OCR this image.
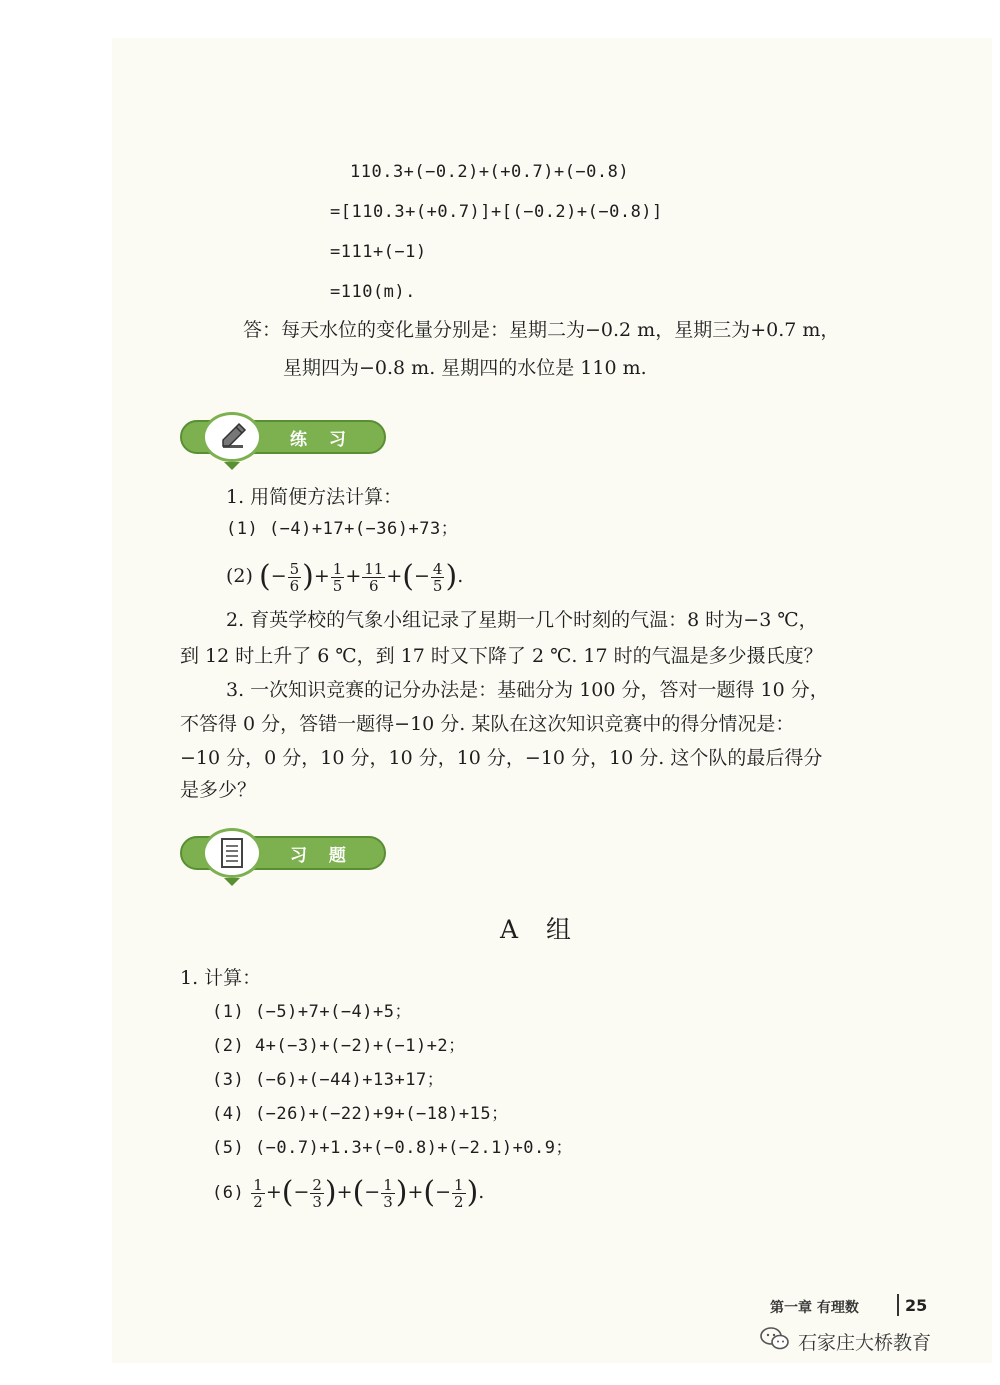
110.3+(−0.2)+(+0.7)+(−0.8)
=[110.3+(+0.7)]+[(−0.2)+(−0.8)]
=111+(−1)
=110(m).
答：每天水位的变化量分别是：星期二为−0.2 m，星期三为+0.7 m，
星期四为−0.8 m. 星期四的水位是 110 m.
练 习
1. 用简便方法计算：
(1) (−4)+17+(−36)+73；
(2) (− $\frac{5}{6}$ )+ $\frac{1}{5} + \frac{11}{6}$ +(− $\frac{4}{5}$ ).
2. 育英学校的气象小组记录了星期一几个时刻的气温：8 时为−3 ℃，
到 12 时上升了 6 ℃，到 17 时又下降了 2 ℃. 17 时的气温是多少摄氏度？
3. 一次知识竞赛的记分办法是：基础分为 100 分，答对一题得 10 分，
不答得 0 分，答错一题得−10 分. 某队在这次知识竞赛中的得分情况是：
−10 分，0 分，10 分，10 分，10 分，−10 分，10 分. 这个队的最后得分
是多少？
习 题
A 组
1. 计算：
(1) (−5)+7+(−4)+5；
(2) 4+(−3)+(−2)+(−1)+2；
(3) (−6)+(−44)+13+17；
(4) (−26)+(−22)+9+(−18)+15；
(5) (−0.7)+1.3+(−0.8)+(−2.1)+0.9；
$(6) \frac{1}{2}$ +(− $\frac{2}{3}$ )+(− $\frac{1}{3}$ )+(− $\frac{1}{2}$ ).
第一章 有理数	25
石家庄大桥教育
